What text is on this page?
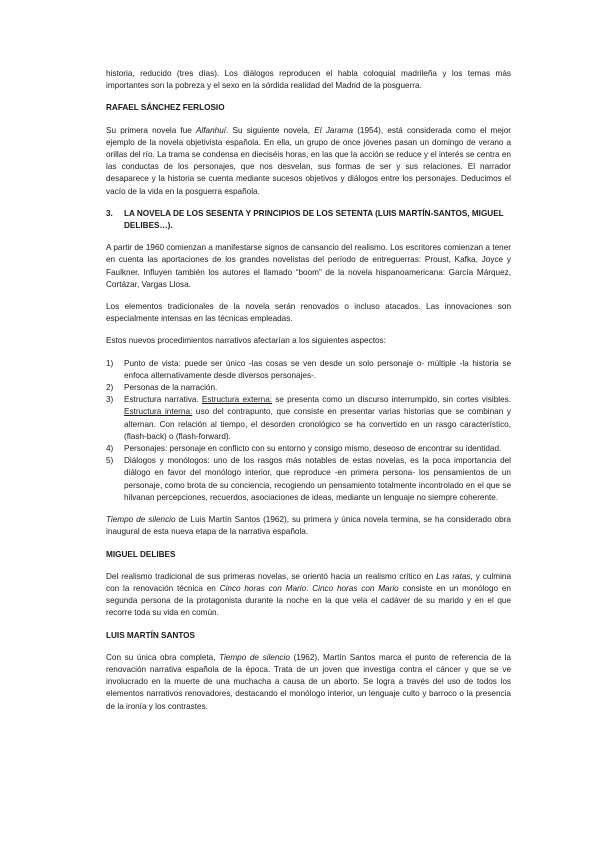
historia, reducido (tres días). Los diálogos reproducen el habla coloquial madrileña y los temas más importantes son la pobreza y el sexo en la sórdida realidad del Madrid de la posguerra.

RAFAEL SÁNCHEZ FERLOSIO

Su primera novela fue Alfanhuí. Su siguiente novela, El Jarama (1954), está considerada como el mejor ejemplo de la novela objetivista española. En ella, un grupo de once jóvenes pasan un domingo de verano a orillas del río. La trama se condensa en dieciséis horas, en las que la acción se reduce y el interés se centra en las conductas de los personajes, que nos desvelan, sus formas de ser y sus relaciones. El narrador desaparece y la historia se cuenta mediante sucesos objetivos y diálogos entre los personajes. Deducimos el vacío de la vida en la posguerra española.

3.	LA NOVELA DE LOS SESENTA Y PRINCIPIOS DE LOS SETENTA (LUIS MARTÍN-SANTOS, MIGUEL DELIBES…).

A partir de 1960 comienzan a manifestarse signos de cansancio del realismo. Los escritores comienzan a tener en cuenta las aportaciones de los grandes novelistas del período de entreguerras: Proust, Kafka, Joyce y Faulkner. Influyen también los autores el llamado “boom” de la novela hispanoamericana: García Márquez, Cortázar, Vargas Llosa.

Los elementos tradicionales de la novela serán renovados o incluso atacados. Las innovaciones son especialmente intensas en las técnicas empleadas.

Estos nuevos procedimientos narrativos afectarían a los siguientes aspectos:

1)	Punto de vista: puede ser único -las cosas se ven desde un solo personaje o- múltiple -la historia se enfoca alternativamente desde diversos personajes-.
2)	Personas de la narración.
3)	Estructura narrativa. Estructura externa: se presenta como un discurso interrumpido, sin cortes visibles. Estructura interna: uso del contrapunto, que consiste en presentar varias historias que se combinan y alternan. Con relación al tiempo, el desorden cronológico se ha convertido en un rasgo característico, (flash-back) o (flash-forward).
4)	Personajes: personaje en conflicto con su entorno y consigo mismo, deseoso de encontrar su identidad.
5)	Diálogos y monólogos: uno de los rasgos más notables de estas novelas, es la poca importancia del diálogo en favor del monólogo interior, que reproduce -en primera persona- los pensamientos de un personaje, como brota de su conciencia, recogiendo un pensamiento totalmente incontrolado en el que se hilvanan percepciones, recuerdos, asociaciones de ideas, mediante un lenguaje no siempre coherente.

Tiempo de silencio de Luis Martín Santos (1962), su primera y única novela termina, se ha considerado obra inaugural de esta nueva etapa de la narrativa española.

MIGUEL DELIBES

Del realismo tradicional de sus primeras novelas, se orientó hacia un realismo crítico en Las ratas, y culmina con la renovación técnica en Cinco horas con Mario. Cinco horas con Mario consiste en un monólogo en segunda persona de la protagonista durante la noche en la que vela el cadáver de su marido y en el que recorre toda su vida en común.

LUIS MARTÍN SANTOS

Con su única obra completa, Tiempo de silencio (1962), Martín Santos marca el punto de referencia de la renovación narrativa española de la época. Trata de un joven que investiga contra el cáncer y que se ve involucrado en la muerte de una muchacha a causa de un aborto. Se logra a través del uso de todos los elementos narrativos renovadores, destacando el monólogo interior, un lenguaje culto y barroco o la presencia de la ironía y los contrastes.
